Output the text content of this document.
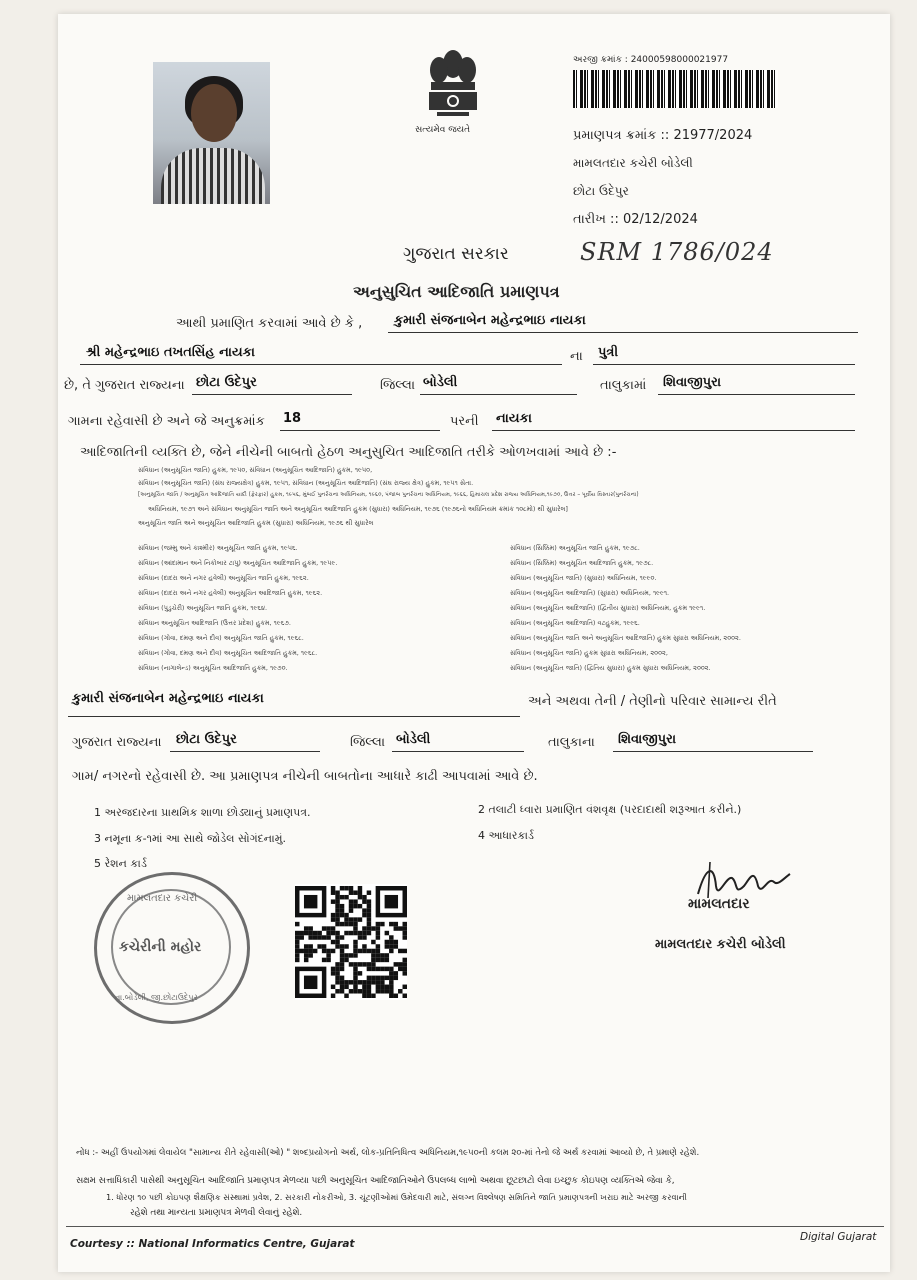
સત્યમેવ જયતે
અરજી ક્રમાંક : 24000598000021977
પ્રમાણપત્ર ક્રમાંક :: 21977/2024
મામલતદાર કચેરી બોડેલી
છોટા ઉદેપુર
તારીખ :: 02/12/2024
SRM 1786/024
ગુજરાત સરકાર
અનુસુચિત આદિજાતિ પ્રમાણપત્ર
આથી પ્રમાણિત કરવામાં આવે છે કે , કુમારી સંજનાબેન મહેન્દ્રભાઇ નાયકા
શ્રી મહેન્દ્રભાઇ તખતસિંહ નાયકા	ના પુત્રી
છે, તે ગુજરાત રાજ્યના છોટા ઉદેપુર	જિલ્લા બોડેલી	તાલુકામાં શિવાજીપુરા
ગામના રહેવાસી છે અને જે અનુક્રમાંક 18	પરની નાયકા
આદિજાતિની વ્યક્તિ છે, જેને નીચેની બાબતો હેઠળ અનુસુચિત આદિજાતિ તરીકે ઓળખવામાં આવે છે :-
સંવિધાન (અનુસૂચિત જાતિ) હુકમ, ૧૯૫૦, સંવિધાન (અનુસૂચિત આદિજાતિ) હુકમ, ૧૯૫૦,
સંવિધાન (અનુસૂચિત જાતિ) (સંઘ રાજ્યક્ષેત્ર) હુકમ, ૧૯૫૧, સંવિધાન (અનુસૂચિત આદિજાતિ) (સંઘ રાજ્ય ક્ષેત્ર) હુકમ, ૧૯૫૧ સેતા.
[અનુસૂચિત જાતિ / અનુસૂચિત આદિજાતિ યાદી (ફેરફાર) હુકમ, ૧૯૫૬, મુંબઈ પુનર્રચના અધિનિયમ, ૧૯૬૦, પંજાબ પુનર્રચના અધિનિયમ, ૧૯૬૬, હિમાચલ પ્રદેશ રાજ્ય અધિનિયમ,૧૯૭૦, ઉત્તર – પૂર્વીય વિસ્તાર(પુનર્રચના)
અધિનિયમ, ૧૯૭૧ અને સંવિધાન અનુસૂચિત જાતિ અને અનુસૂચિત આદિજાતિ હુકમ (સુધારા) અધિનિયમ, ૧૯૭૬ (૧૯૭૬નો અધિનિયમ ક્રમાંક ૧૦૮મો) થી સુધારેલ]
અનુસૂચિત જાતિ અને અનુસૂચિત આદિજાતિ હુકમ (સુધારા) અધિનિયમ, ૧૯૭૬ થી સુધારેલ
સંવિધાન (જમ્મુ અને કાશ્મીર) અનુસૂચિત જાતિ હુકમ, ૧૯૫૬.
સંવિધાન (આંદામાન અને નિકોબાર ટાપુ) અનુસૂચિત આદિજાતિ હુકમ, ૧૯૫૯.
સંવિધાન (દાદરા અને નગર હવેલી) અનુસૂચિત જાતિ હુકમ, ૧૯૬૨.
સંવિધાન (દાદરા અને નગર હવેલી) અનુસૂચિત આદિજાતિ હુકમ, ૧૯૬૨.
સંવિધાન (પુડુચેરી) અનુસૂચિત જાતિ હુકમ, ૧૯૬૪.
સંવિધાન અનુસૂચિત આદિજાતિ (ઉત્તર પ્રદેશ) હુકમ, ૧૯૬૭.
સંવિધાન (ગોવા, દમણ અને દીવ) અનુસૂચિત જાતિ હુકમ, ૧૯૬૮.
સંવિધાન (ગોવા, દમણ અને દીવ) અનુસૂચિત આદિજાતિ હુકમ, ૧૯૬૮.
સંવિધાન (નાગાલેન્ડ) અનુસૂચિત આદિજાતિ હુકમ, ૧૯૭૦.
સંવિધાન (સિક્કિમ) અનુસૂચિત જાતિ હુકમ, ૧૯૭૮.
સંવિધાન (સિક્કિમ) અનુસૂચિત આદિજાતિ હુકમ, ૧૯૭૮.
સંવિધાન (અનુસૂચિત જાતિ) (સુધારા) અધિનિયમ, ૧૯૯૦.
સંવિધાન (અનુસૂચિત આદિજાતિ) (સુધારા) અધિનિયમ, ૧૯૯૧.
સંવિધાન (અનુસૂચિત આદિજાતિ) (દ્વિતીય સુધારા) અધિનિયમ, હુકમ ૧૯૯૧.
સંવિધાન (અનુસૂચિત આદિજાતિ) વટહુકમ, ૧૯૯૬.
સંવિધાન (અનુસૂચિત જાતિ અને અનુસૂચિત આદિજાતિ) હુકમ સુધારા અધિનિયમ, ૨૦૦૨.
સંવિધાન (અનુસૂચિત જાતિ) હુકમ સુધારા અધિનિયમ, ૨૦૦૨,
સંવિધાન (અનુસૂચિત જાતિ) (દ્વિતિય સુધારા) હુકમ સુધારા અધિનિયમ, ૨૦૦૨.
કુમારી સંજનાબેન મહેન્દ્રભાઇ નાયકા	અને અથવા તેની / તેણીનો પરિવાર સામાન્ય રીતે
ગુજરાત રાજ્યના છોટા ઉદેપુર	જિલ્લા બોડેલી	તાલુકાના શિવાજીપુરા
ગામ/ નગરનો રહેવાસી છે. આ પ્રમાણપત્ર નીચેની બાબતોના આધારે કાઢી આપવામાં આવે છે.
1 અરજદારના પ્રાથમિક શાળા છોડ્યાનું પ્રમાણપત્ર.	2 તલાટી ધ્વારા પ્રમાણિત વંશવૃક્ષ (પરદાદાથી શરૂઆત કરીને.)
3 નમૂના ક-૧માં આ સાથે જોડેલ સોગંદનામું.	4 આધારકાર્ડ
5 રેશન કાર્ડ
મામલતદાર કચેરી
કચેરીની મહોર
તા.બોડેલી, જી.છોટાઉદેપુર
મામલતદાર
મામલતદાર કચેરી બોડેલી
નોંધ :- અહીં ઉપયોગમાં લેવાયેલ "સામાન્ય રીતે રહેવાસી(ઓ) " શબ્દપ્રયોગનો અર્થ, લોક-પ્રતિનિધિત્વ અધિનિયમ,૧૯૫૦ની કલમ ૨૦-માં તેનો જે અર્થ કરવામાં આવ્યો છે, તે પ્રમાણે રહેશે.
સક્ષમ સત્તાધિકારી પાસેથી અનુસૂચિત આદિજાતિ પ્રમાણપત્ર મેળવ્યા પછી અનુસૂચિત આદિજાતિઓને ઉપલબ્ધ લાભો અથવા છૂટછાટો લેવા ઇચ્છુક કોઇપણ વ્યક્તિએ જેવા કે,
1. ધોરણ ૧૦ પછી કોઇપણ શૈક્ષણિક સંસ્થામાં પ્રવેશ, 2. સરકારી નોકરીઓ, 3. ચૂંટણીઓમાં ઉમેદવારી માટે, સંલગ્ન વિશ્લેષણ સમિતિને જાતિ પ્રમાણપત્રની ખરાઇ માટે અરજી કરવાની
રહેશે તથા માન્યતા પ્રમાણપત્ર મેળવી લેવાનું રહેશે.
Courtesy :: National Informatics Centre, Gujarat
Digital Gujarat
